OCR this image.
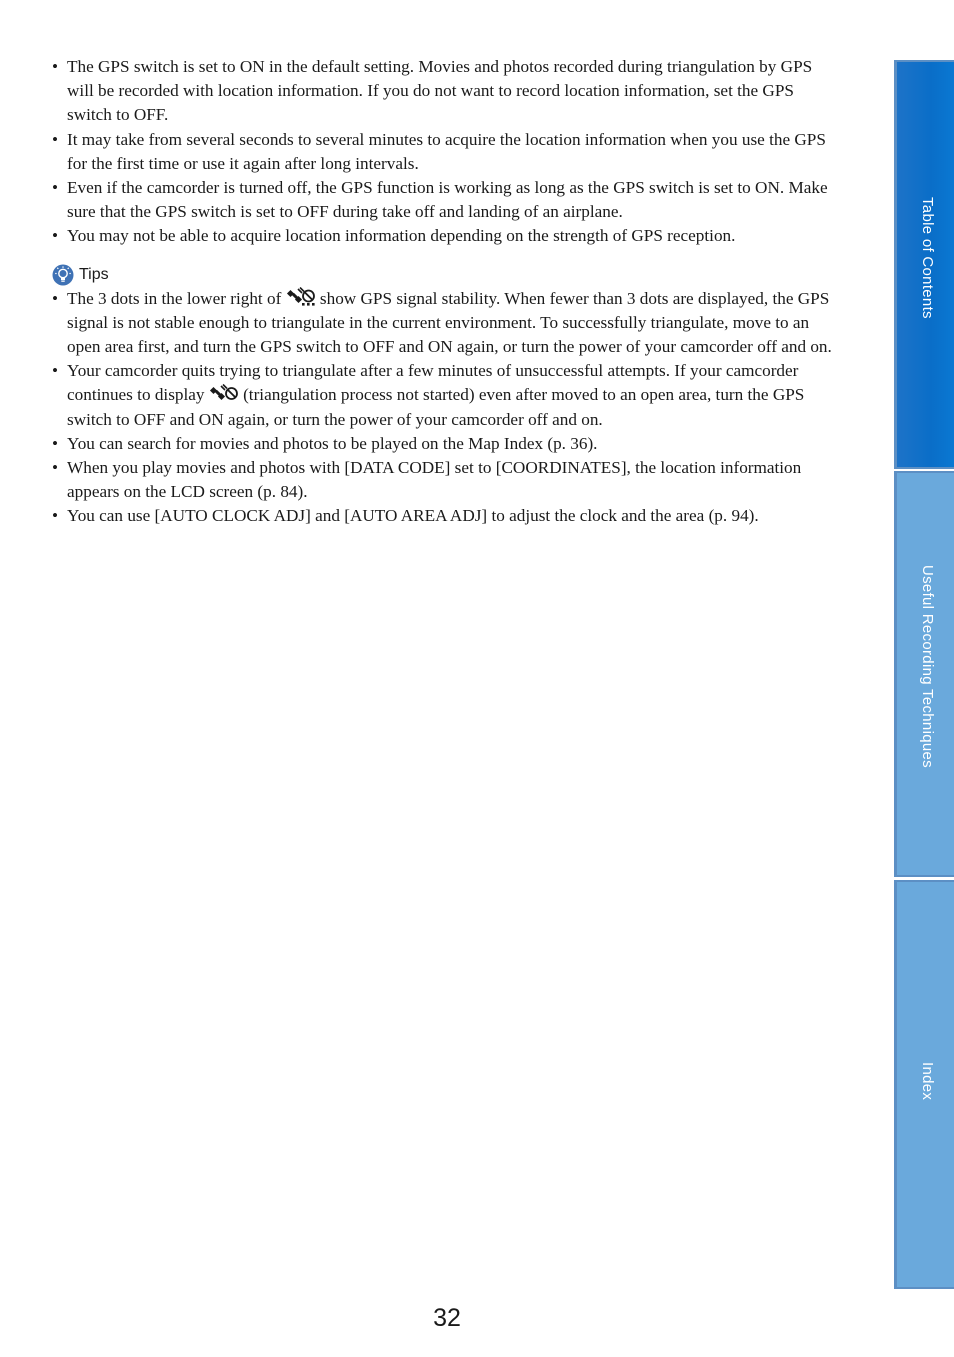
• The GPS switch is set to ON in the default setting. Movies and photos recorded during triangulation by GPS will be recorded with location information. If you do not want to record location information, set the GPS switch to OFF.
• It may take from several seconds to several minutes to acquire the location information when you use the GPS for the first time or use it again after long intervals.
• Even if the camcorder is turned off, the GPS function is working as long as the GPS switch is set to ON. Make sure that the GPS switch is set to OFF during take off and landing of an airplane.
• You may not be able to acquire location information depending on the strength of GPS reception.
Tips
• The 3 dots in the lower right of  show GPS signal stability. When fewer than 3 dots are displayed, the GPS signal is not stable enough to triangulate in the current environment. To successfully triangulate, move to an open area first, and turn the GPS switch to OFF and ON again, or turn the power of your camcorder off and on.
• Your camcorder quits trying to triangulate after a few minutes of unsuccessful attempts. If your camcorder continues to display  (triangulation process not started) even after moved to an open area, turn the GPS switch to OFF and ON again, or turn the power of your camcorder off and on.
• You can search for movies and photos to be played on the Map Index (p. 36).
• When you play movies and photos with [DATA CODE] set to [COORDINATES], the location information appears on the LCD screen (p. 84).
• You can use [AUTO CLOCK ADJ] and [AUTO AREA ADJ] to adjust the clock and the area (p. 94).
Table of Contents
Useful Recording Techniques
Index
32
